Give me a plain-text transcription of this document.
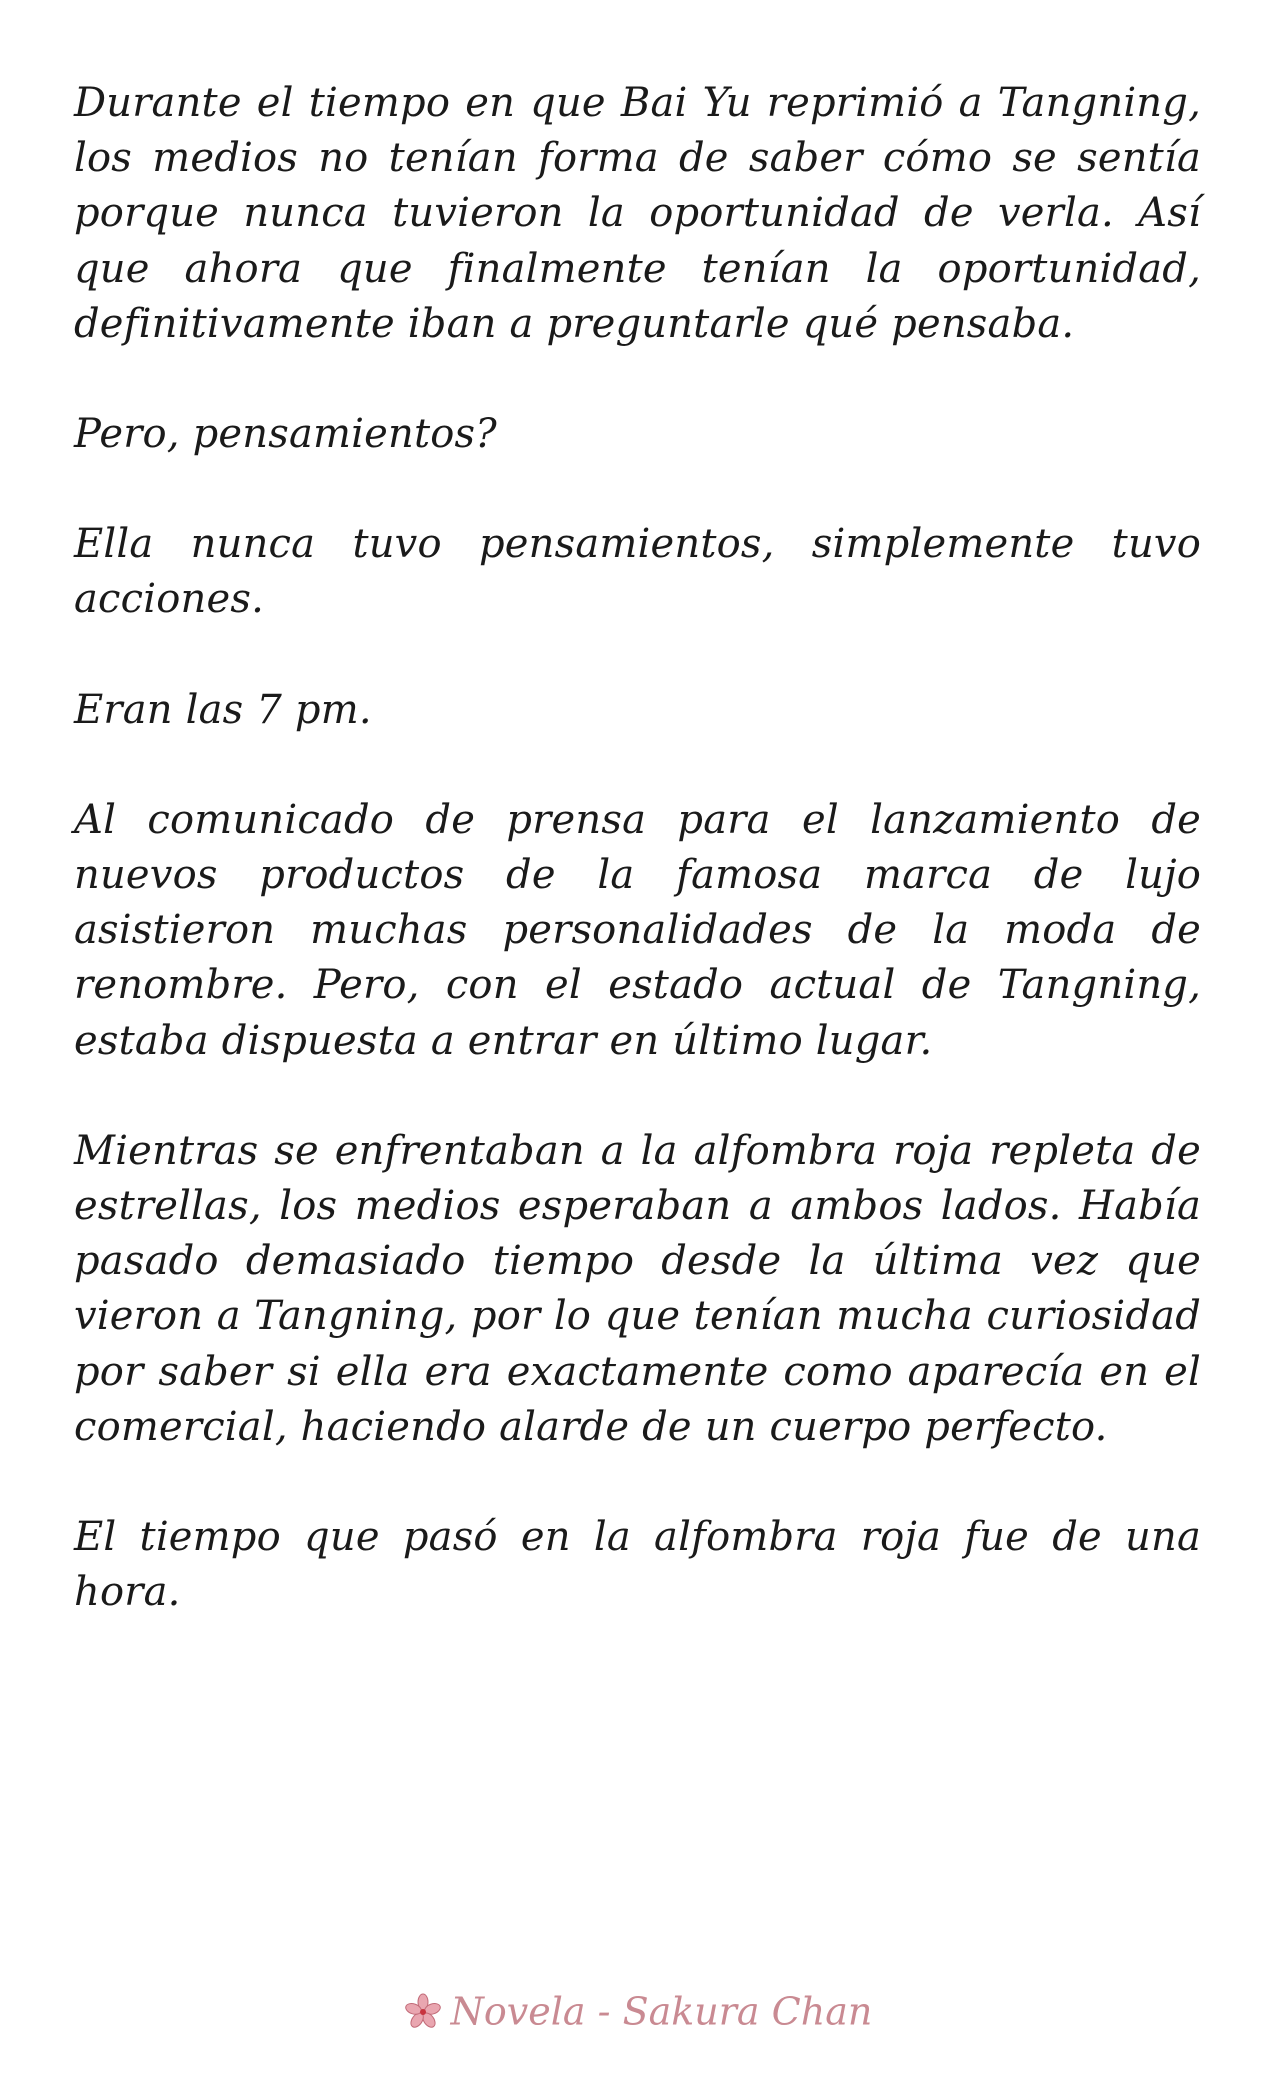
Durante el tiempo en que Bai Yu reprimió a Tangning, los medios no tenían forma de saber cómo se sentía porque nunca tuvieron la oportunidad de verla. Así que ahora que finalmente tenían la oportunidad, definitivamente iban a preguntarle qué pensaba.

Pero, pensamientos?

Ella nunca tuvo pensamientos, simplemente tuvo acciones.

Eran las 7 pm.

Al comunicado de prensa para el lanzamiento de nuevos productos de la famosa marca de lujo asistieron muchas personalidades de la moda de renombre. Pero, con el estado actual de Tangning, estaba dispuesta a entrar en último lugar.

Mientras se enfrentaban a la alfombra roja repleta de estrellas, los medios esperaban a ambos lados. Había pasado demasiado tiempo desde la última vez que vieron a Tangning, por lo que tenían mucha curiosidad por saber si ella era exactamente como aparecía en el comercial, haciendo alarde de un cuerpo perfecto.

El tiempo que pasó en la alfombra roja fue de una hora.

Novela - Sakura Chan
